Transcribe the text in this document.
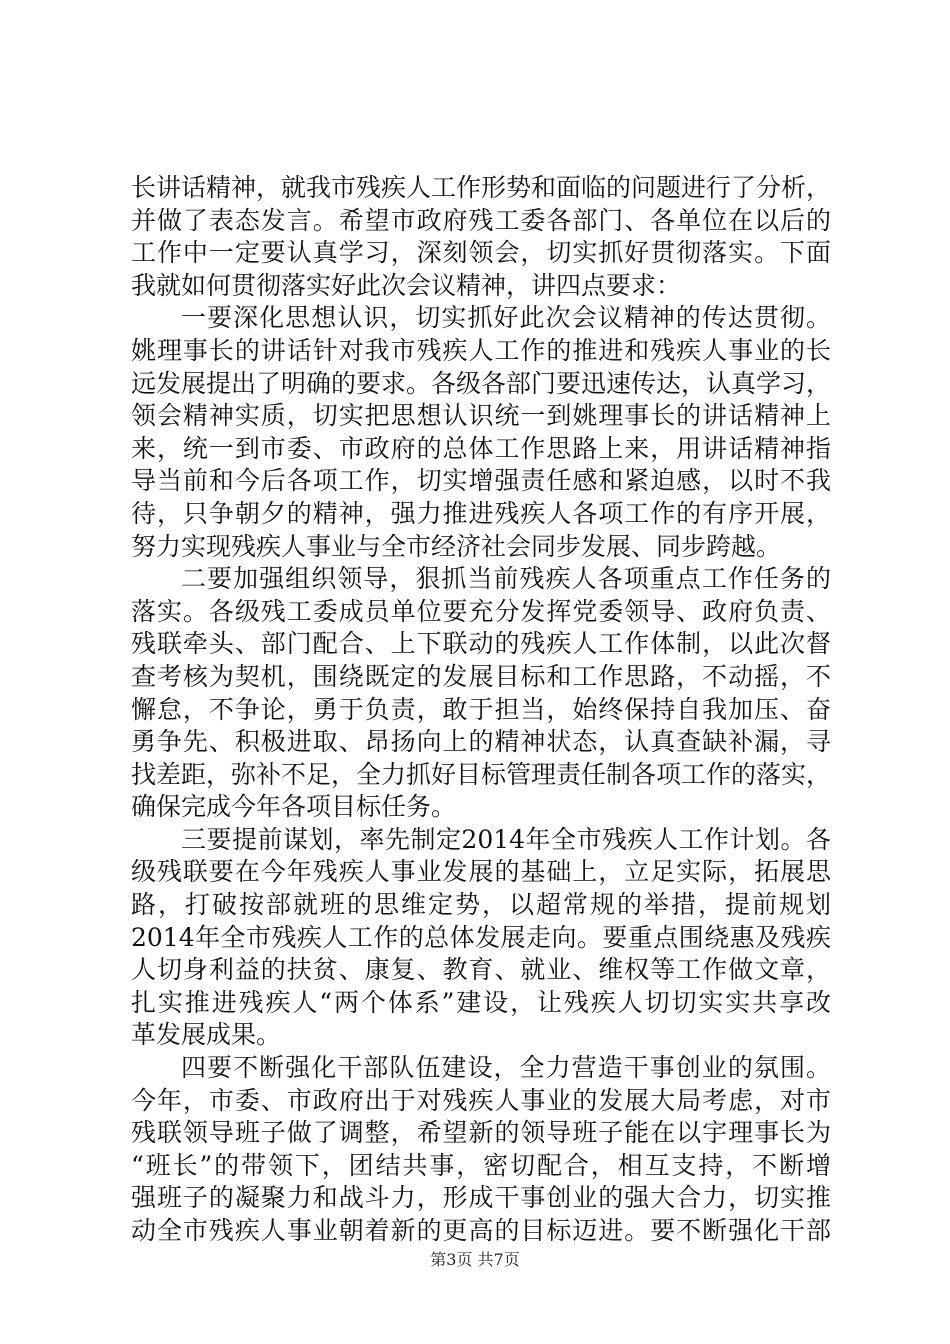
长讲话精神，就我市残疾人工作形势和面临的问题进行了分析，
并做了表态发言。希望市政府残工委各部门、各单位在以后的
工作中一定要认真学习，深刻领会，切实抓好贯彻落实。下面
我就如何贯彻落实好此次会议精神，讲四点要求：
一要深化思想认识，切实抓好此次会议精神的传达贯彻。
姚理事长的讲话针对我市残疾人工作的推进和残疾人事业的长
远发展提出了明确的要求。各级各部门要迅速传达，认真学习，
领会精神实质，切实把思想认识统一到姚理事长的讲话精神上
来，统一到市委、市政府的总体工作思路上来，用讲话精神指
导当前和今后各项工作，切实增强责任感和紧迫感，以时不我
待，只争朝夕的精神，强力推进残疾人各项工作的有序开展，
努力实现残疾人事业与全市经济社会同步发展、同步跨越。
二要加强组织领导，狠抓当前残疾人各项重点工作任务的
落实。各级残工委成员单位要充分发挥党委领导、政府负责、
残联牵头、部门配合、上下联动的残疾人工作体制，以此次督
查考核为契机，围绕既定的发展目标和工作思路，不动摇，不
懈怠，不争论，勇于负责，敢于担当，始终保持自我加压、奋
勇争先、积极进取、昂扬向上的精神状态，认真查缺补漏，寻
找差距，弥补不足，全力抓好目标管理责任制各项工作的落实，
确保完成今年各项目标任务。
三要提前谋划，率先制定2014年全市残疾人工作计划。各
级残联要在今年残疾人事业发展的基础上，立足实际，拓展思
路，打破按部就班的思维定势，以超常规的举措，提前规划
2014年全市残疾人工作的总体发展走向。要重点围绕惠及残疾
人切身利益的扶贫、康复、教育、就业、维权等工作做文章，
扎实推进残疾人“两个体系”建设，让残疾人切切实实共享改
革发展成果。
四要不断强化干部队伍建设，全力营造干事创业的氛围。
今年，市委、市政府出于对残疾人事业的发展大局考虑，对市
残联领导班子做了调整，希望新的领导班子能在以宇理事长为
“班长”的带领下，团结共事，密切配合，相互支持，不断增
强班子的凝聚力和战斗力，形成干事创业的强大合力，切实推
动全市残疾人事业朝着新的更高的目标迈进。要不断强化干部
第3页 共7页
